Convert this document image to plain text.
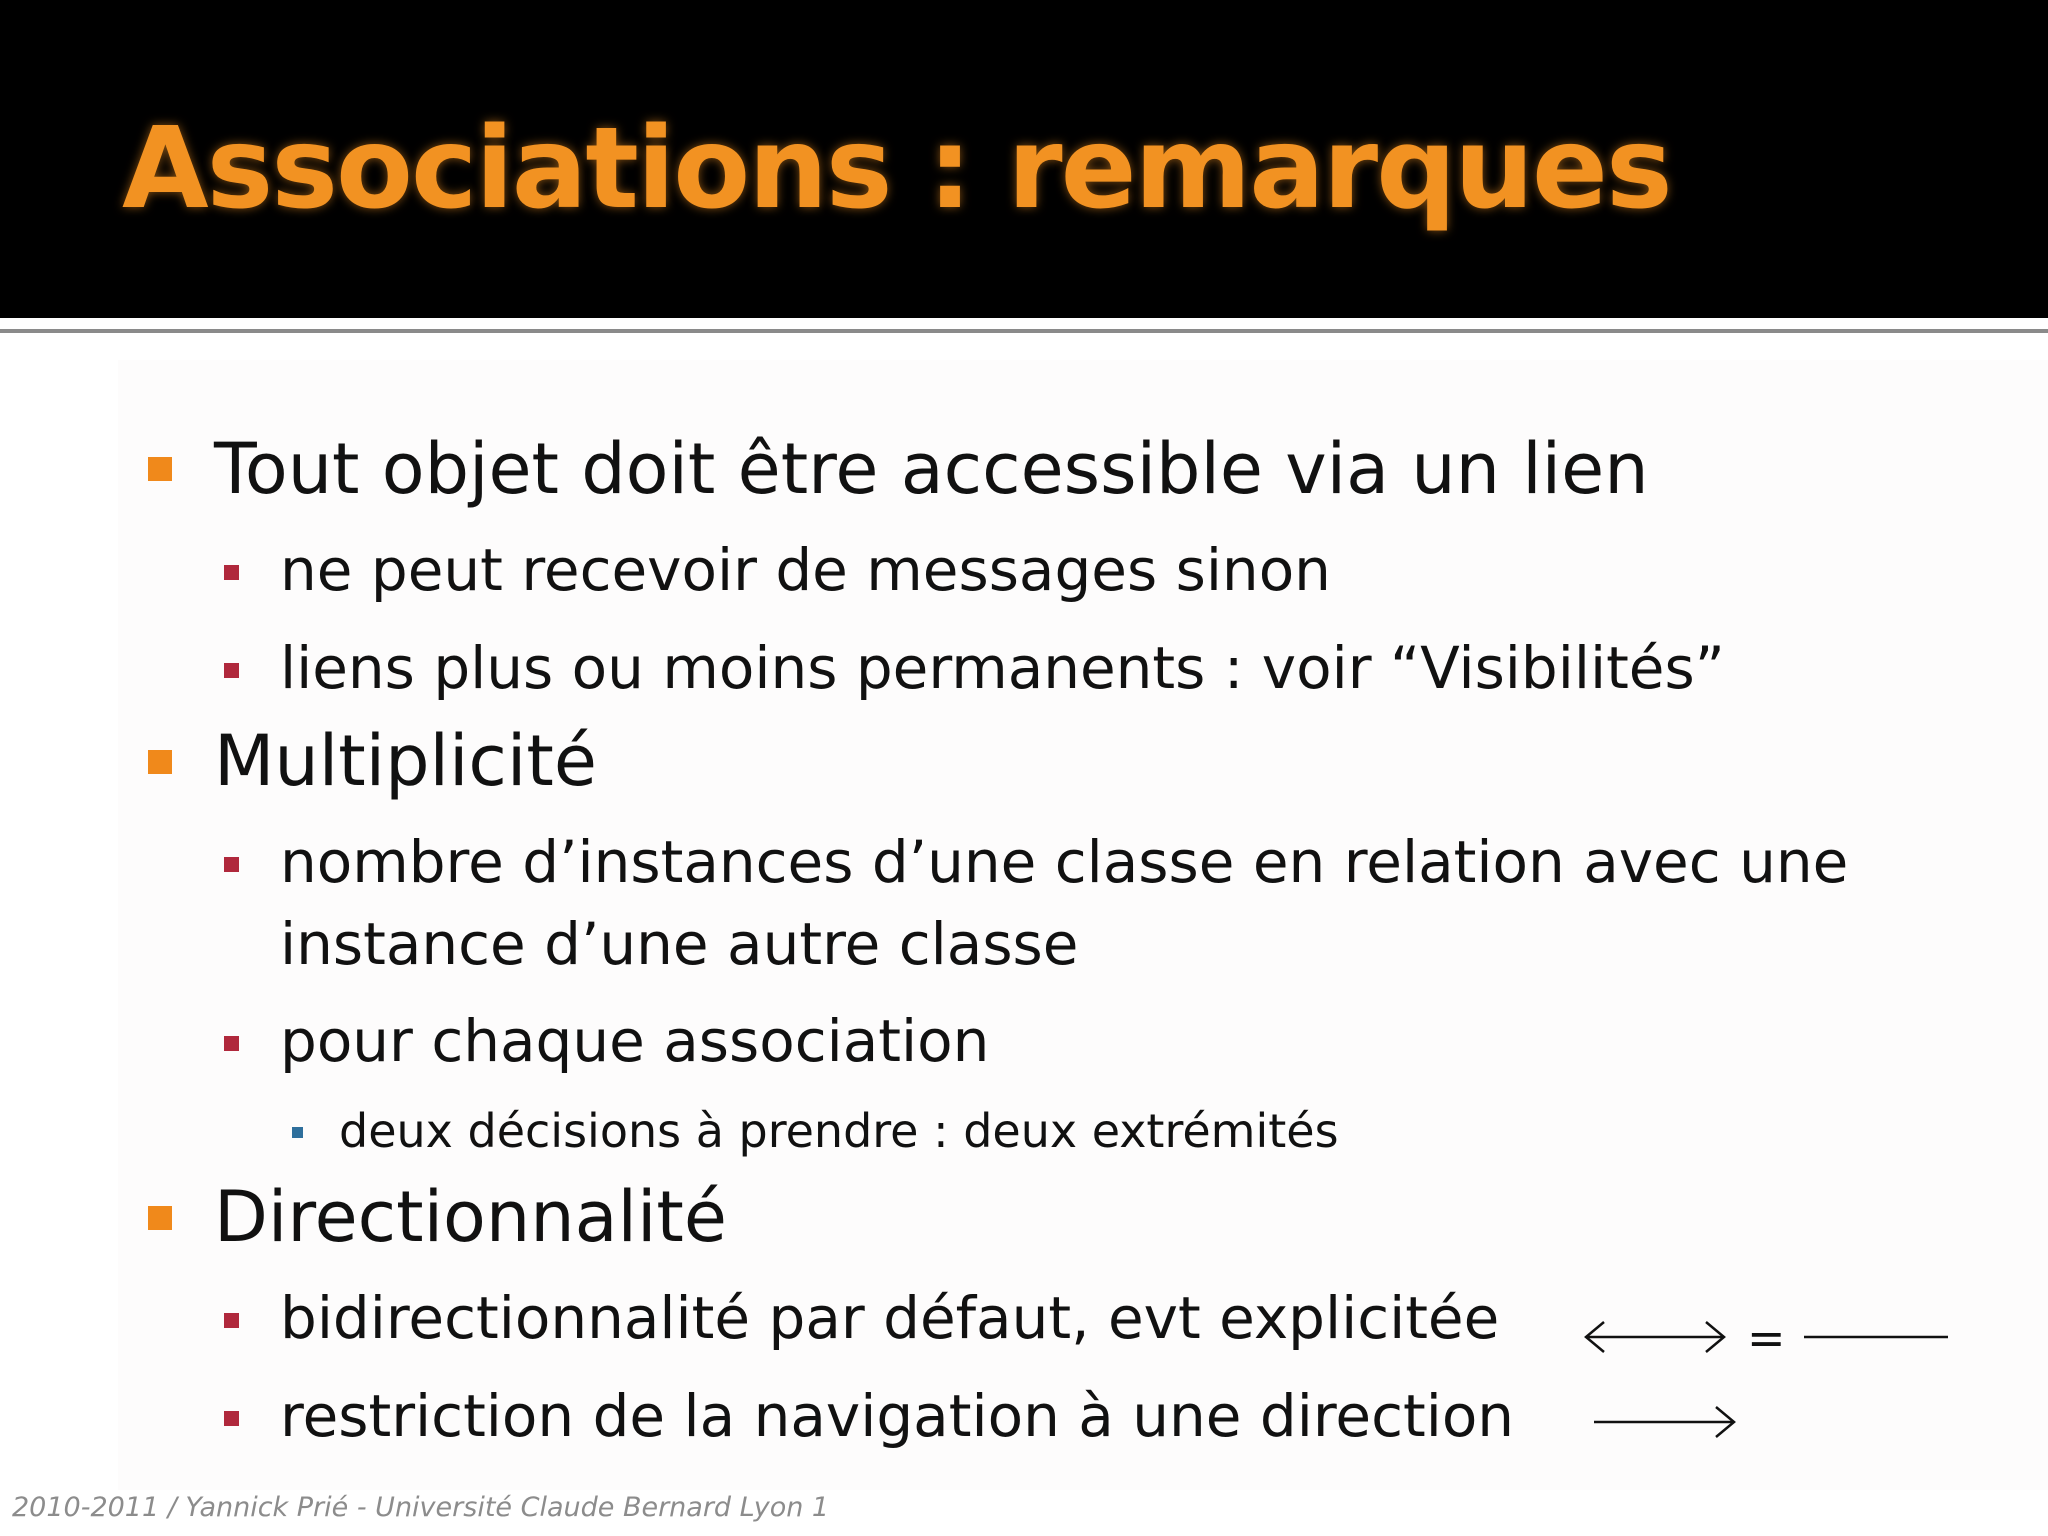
Associations : remarques
Tout objet doit être accessible via un lien
ne peut recevoir de messages sinon
liens plus ou moins permanents : voir “Visibilités”
Multiplicité
nombre d’instances d’une classe en relation avec une
instance d’une autre classe
pour chaque association
deux décisions à prendre : deux extrémités
Directionnalité
bidirectionnalité par défaut, evt explicitée
restriction de la navigation à une direction
=
2010-2011 / Yannick Prié - Université Claude Bernard Lyon 1
